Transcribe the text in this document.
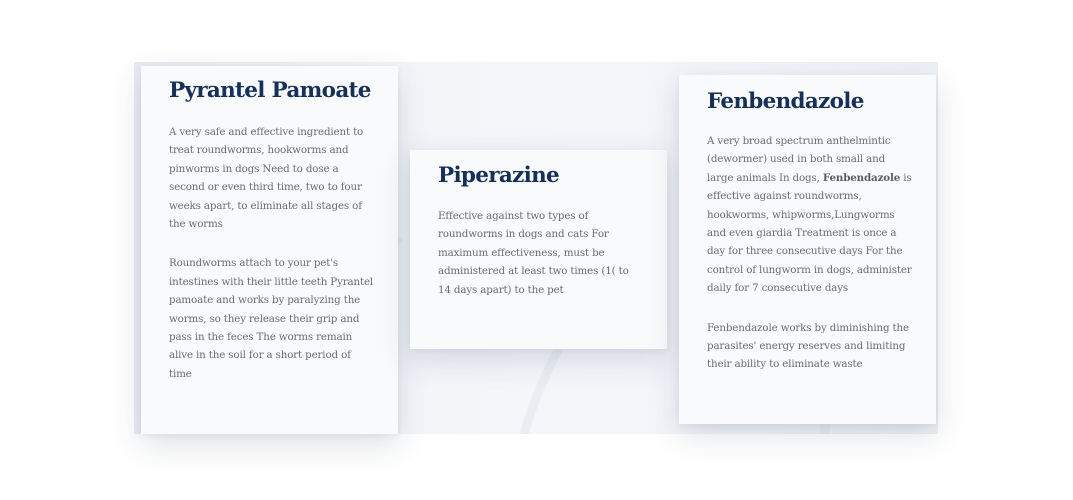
Pyrantel Pamoate

A very safe and effective ingredient to treat roundworms, hookworms and pinworms in dogs Need to dose a second or even third time, two to four weeks apart, to eliminate all stages of the worms

Roundworms attach to your pet's intestines with their little teeth Pyrantel pamoate and works by paralyzing the worms, so they release their grip and pass in the feces The worms remain alive in the soil for a short period of time

Piperazine

Effective against two types of roundworms in dogs and cats For maximum effectiveness, must be administered at least two times (1( to 14 days apart) to the pet

Fenbendazole

A very broad spectrum anthelmintic (dewormer) used in both small and large animals In dogs, Fenbendazole is effective against roundworms, hookworms, whipworms,Lungworms and even giardia Treatment is once a day for three consecutive days For the control of lungworm in dogs, administer daily for 7 consecutive days

Fenbendazole works by diminishing the parasites' energy reserves and limiting their ability to eliminate waste
